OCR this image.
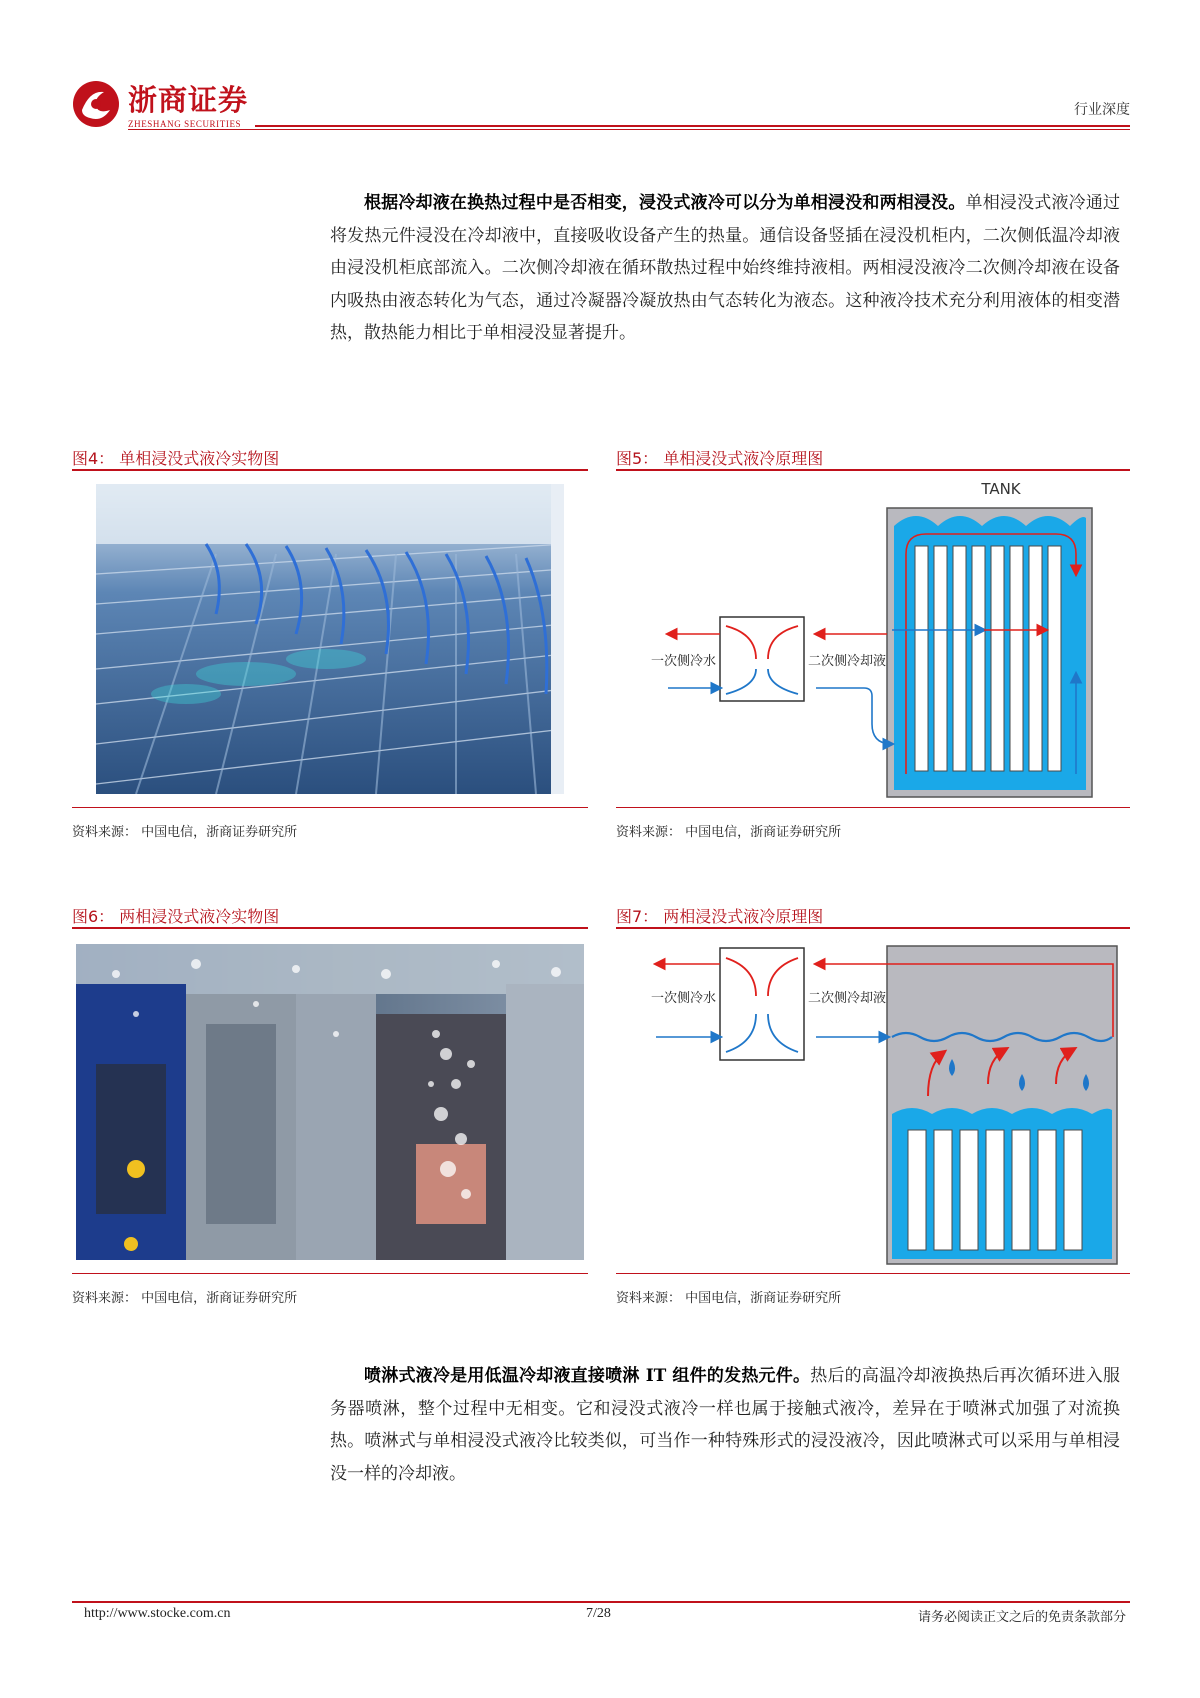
浙商证券
ZHESHANG SECURITIES
行业深度
根据冷却液在换热过程中是否相变，浸没式液冷可以分为单相浸没和两相浸没。单相浸没式液冷通过将发热元件浸没在冷却液中，直接吸收设备产生的热量。通信设备竖插在浸没机柜内，二次侧低温冷却液由浸没机柜底部流入。二次侧冷却液在循环散热过程中始终维持液相。两相浸没液冷二次侧冷却液在设备内吸热由液态转化为气态，通过冷凝器冷凝放热由气态转化为液态。这种液冷技术充分利用液体的相变潜热，散热能力相比于单相浸没显著提升。
图4： 单相浸没式液冷实物图
资料来源： 中国电信，浙商证券研究所
图5： 单相浸没式液冷原理图
TANK
一次侧冷水	二次侧冷却液
资料来源： 中国电信，浙商证券研究所
图6： 两相浸没式液冷实物图
资料来源： 中国电信，浙商证券研究所
图7： 两相浸没式液冷原理图
一次侧冷水	二次侧冷却液
资料来源： 中国电信，浙商证券研究所
喷淋式液冷是用低温冷却液直接喷淋 IT 组件的发热元件。热后的高温冷却液换热后再次循环进入服务器喷淋，整个过程中无相变。它和浸没式液冷一样也属于接触式液冷，差异在于喷淋式加强了对流换热。喷淋式与单相浸没式液冷比较类似，可当作一种特殊形式的浸没液冷，因此喷淋式可以采用与单相浸没一样的冷却液。
http://www.stocke.com.cn	7/28	请务必阅读正文之后的免责条款部分
